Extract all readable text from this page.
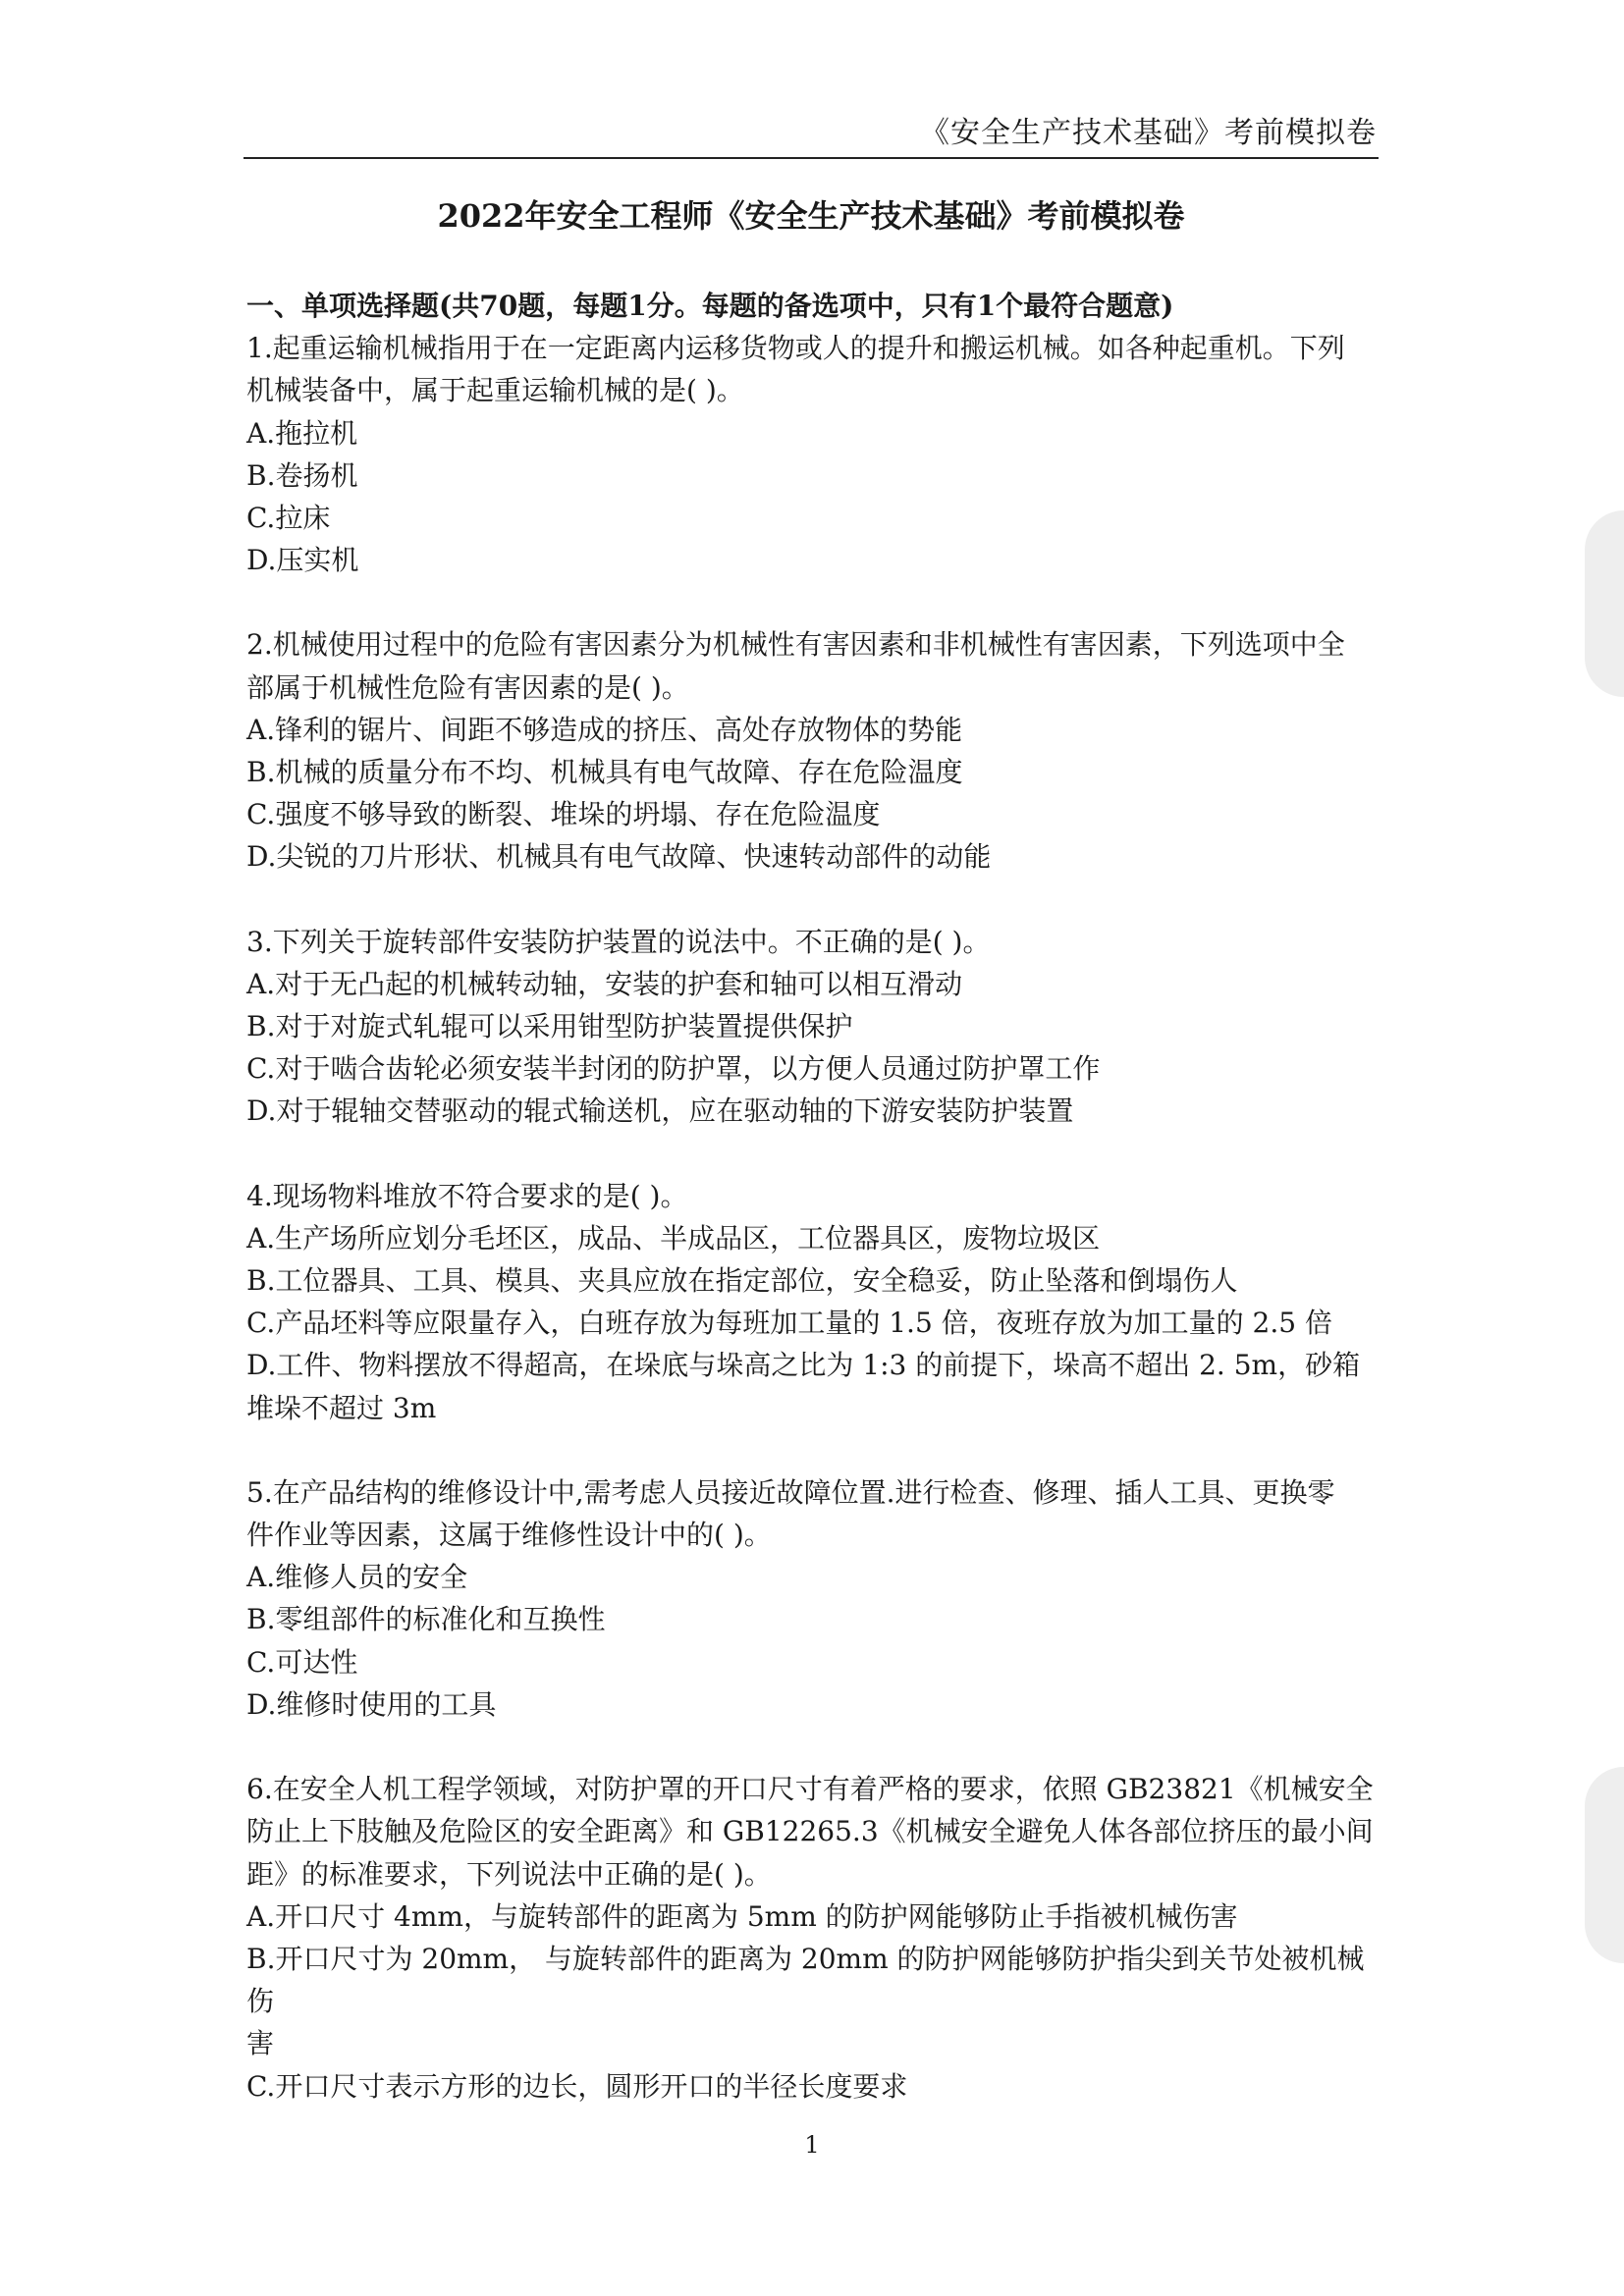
《安全生产技术基础》考前模拟卷
2022年安全工程师《安全生产技术基础》考前模拟卷

一、单项选择题(共70题，每题1分。每题的备选项中，只有1个最符合题意)

1.起重运输机械指用于在一定距离内运移货物或人的提升和搬运机械。如各种起重机。下列

机械装备中，属于起重运输机械的是( )。

A.拖拉机

B.卷扬机

C.拉床

D.压实机

2.机械使用过程中的危险有害因素分为机械性有害因素和非机械性有害因素，下列选项中全

部属于机械性危险有害因素的是( )。

A.锋利的锯片、间距不够造成的挤压、高处存放物体的势能

B.机械的质量分布不均、机械具有电气故障、存在危险温度

C.强度不够导致的断裂、堆垛的坍塌、存在危险温度

D.尖锐的刀片形状、机械具有电气故障、快速转动部件的动能

3.下列关于旋转部件安装防护装置的说法中。不正确的是( )。

A.对于无凸起的机械转动轴，安装的护套和轴可以相互滑动

B.对于对旋式轧辊可以采用钳型防护装置提供保护

C.对于啮合齿轮必须安装半封闭的防护罩，以方便人员通过防护罩工作

D.对于辊轴交替驱动的辊式输送机，应在驱动轴的下游安装防护装置

4.现场物料堆放不符合要求的是( )。

A.生产场所应划分毛坯区，成品、半成品区，工位器具区，废物垃圾区

B.工位器具、工具、模具、夹具应放在指定部位，安全稳妥，防止坠落和倒塌伤人

C.产品坯料等应限量存入，白班存放为每班加工量的 1.5 倍，夜班存放为加工量的 2.5 倍

D.工件、物料摆放不得超高，在垛底与垛高之比为 1:3 的前提下，垛高不超出 2. 5m，砂箱

堆垛不超过 3m

5.在产品结构的维修设计中,需考虑人员接近故障位置.进行检查、修理、插人工具、更换零

件作业等因素，这属于维修性设计中的( )。

A.维修人员的安全

B.零组部件的标准化和互换性

C.可达性

D.维修时使用的工具

6.在安全人机工程学领域，对防护罩的开口尺寸有着严格的要求，依照 GB23821《机械安全

防止上下肢触及危险区的安全距离》和 GB12265.3《机械安全避免人体各部位挤压的最小间

距》的标准要求，下列说法中正确的是( )。

A.开口尺寸 4mm，与旋转部件的距离为 5mm 的防护网能够防止手指被机械伤害

B.开口尺寸为 20mm， 与旋转部件的距离为 20mm 的防护网能够防护指尖到关节处被机械伤

害

C.开口尺寸表示方形的边长，圆形开口的半径长度要求

1
